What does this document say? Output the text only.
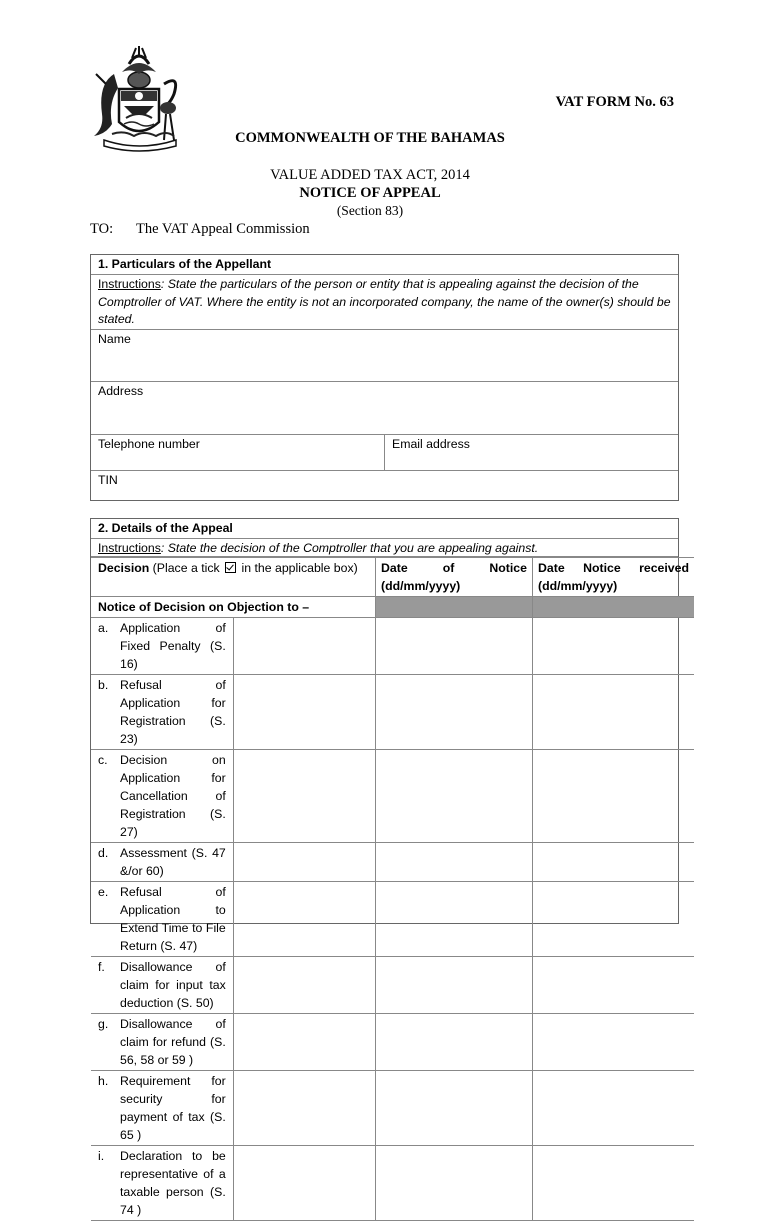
VAT FORM No. 63
COMMONWEALTH OF THE BAHAMAS
VALUE ADDED TAX ACT, 2014
NOTICE OF APPEAL
(Section 83)
TO: The VAT Appeal Commission
1. Particulars of the Appellant
Instructions: State the particulars of the person or entity that is appealing against the decision of the Comptroller of VAT. Where the entity is not an incorporated company, the name of the owner(s) should be stated.
Name
Address
Telephone number	Email address
TIN
2. Details of the Appeal
Instructions: State the decision of the Comptroller that you are appealing against.
Decision (Place a tick  in the applicable box)		Date of Notice (dd/mm/yyyy)	Date Notice received (dd/mm/yyyy)
Notice of Decision on Objection to –			

a. Application of Fixed Penalty (S. 16)			

b. Refusal of Application for Registration (S. 23)			

c. Decision on Application for Cancellation of Registration (S. 27)			

d. Assessment (S. 47 &/or 60)			

e. Refusal of Application to Extend Time to File Return (S. 47)			

f. Disallowance of claim for input tax deduction (S. 50)			

g. Disallowance of claim for refund (S. 56, 58 or 59 )			

h. Requirement for security for payment of tax (S. 65 )			

i. Declaration to be representative of a taxable person (S. 74 )			
